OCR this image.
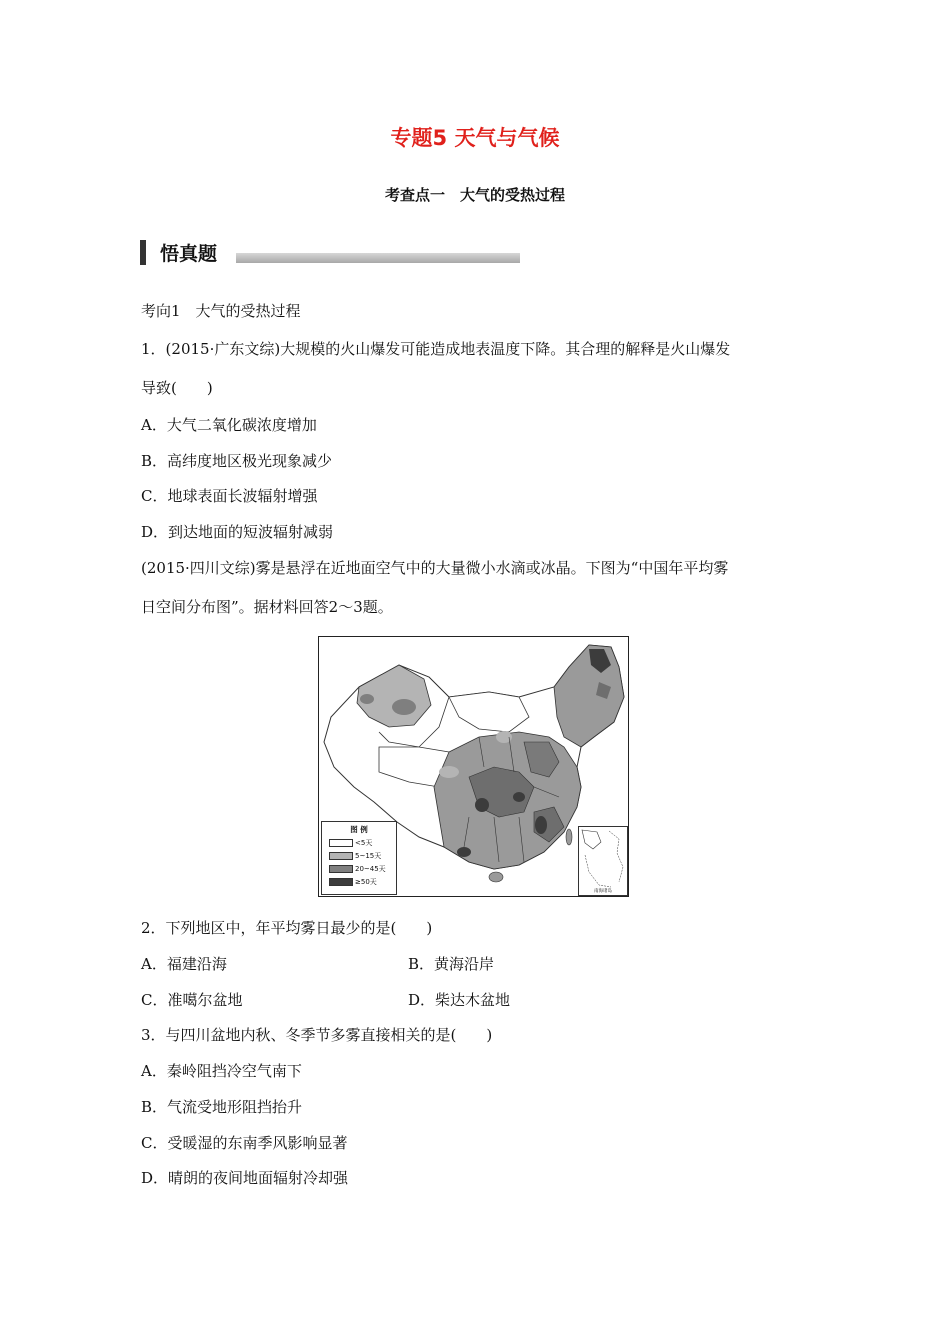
专题5 天气与气候
考查点一　大气的受热过程
悟真题
考向1　大气的受热过程
1．(2015·广东文综)大规模的火山爆发可能造成地表温度下降。其合理的解释是火山爆发
导致(　　)
A．大气二氧化碳浓度增加
B．高纬度地区极光现象减少
C．地球表面长波辐射增强
D．到达地面的短波辐射减弱
(2015·四川文综)雾是悬浮在近地面空气中的大量微小水滴或冰晶。下图为“中国年平均雾
日空间分布图”。据材料回答2～3题。
图 例
<5天
5~15天
20~45天
≥50天
南海诸岛
2．下列地区中，年平均雾日最少的是(　　)
A．福建沿海	B．黄海沿岸
C．准噶尔盆地	D．柴达木盆地
3．与四川盆地内秋、冬季节多雾直接相关的是(　　)
A．秦岭阻挡冷空气南下
B．气流受地形阻挡抬升
C．受暖湿的东南季风影响显著
D．晴朗的夜间地面辐射冷却强
